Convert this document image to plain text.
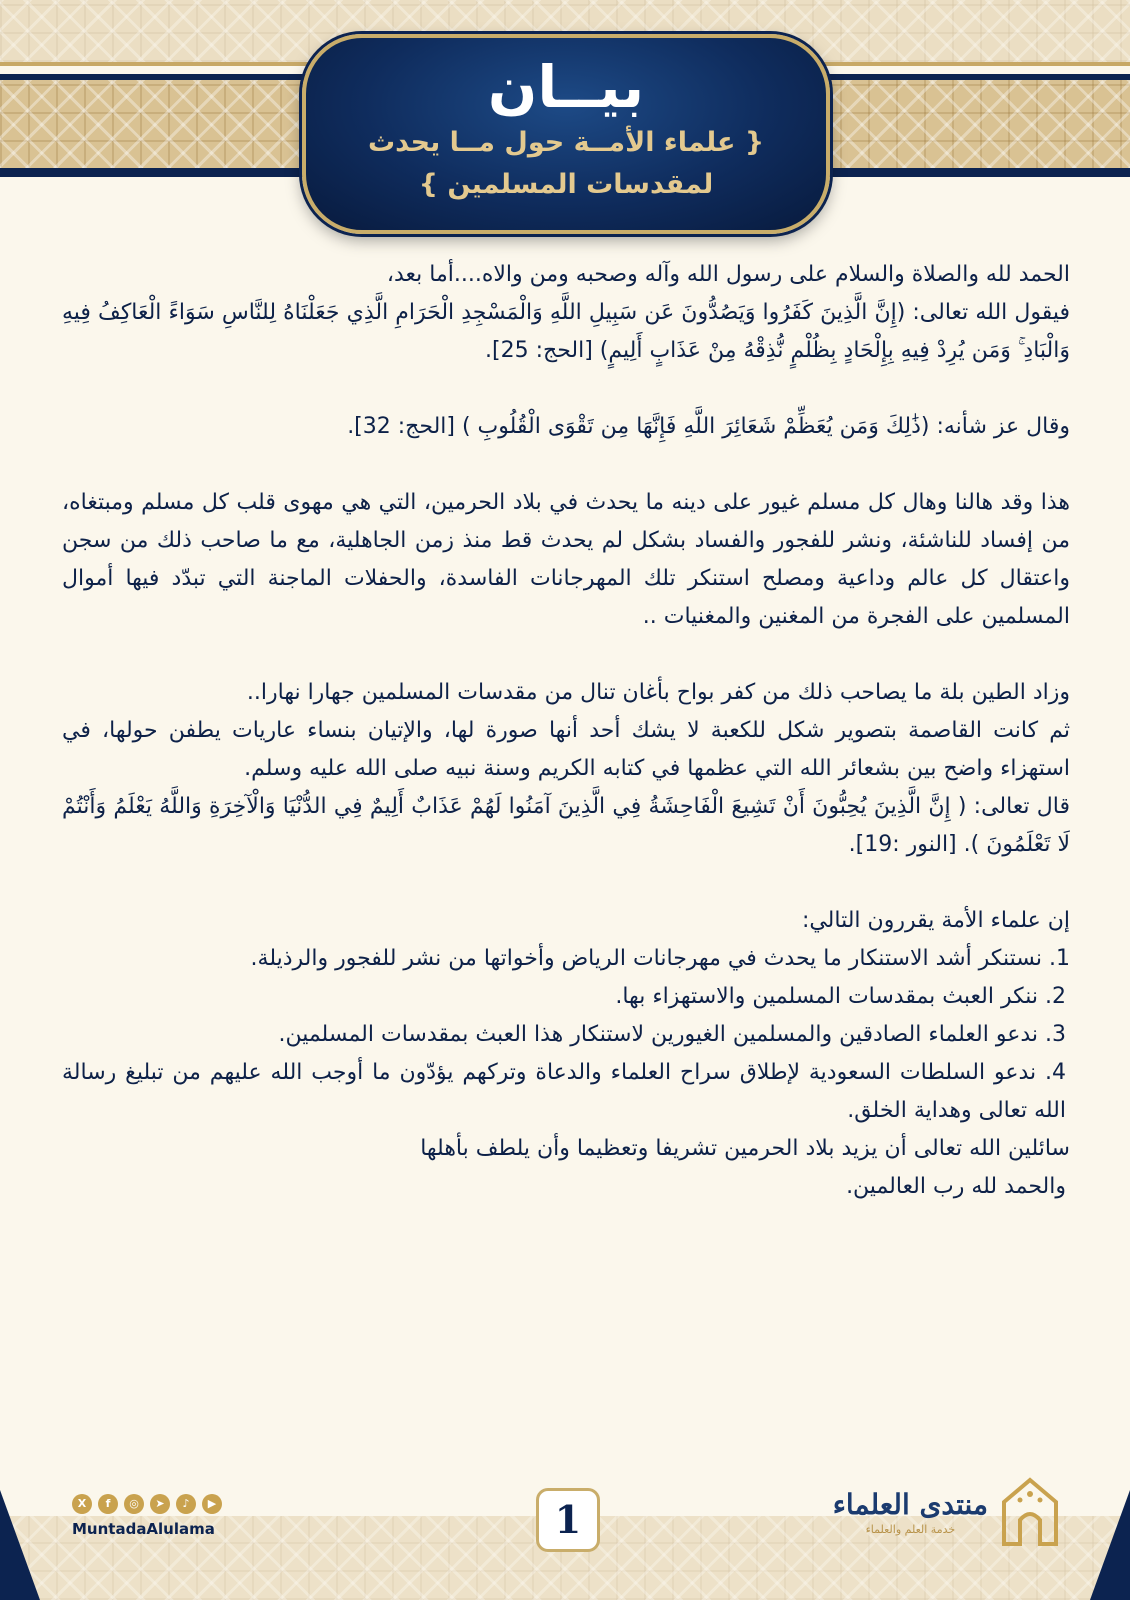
بيــان
{ علماء الأمــة حول مــا يحدث
لمقدسات المسلمين }

الحمد لله والصلاة والسلام على رسول الله وآله وصحبه ومن والاه....أما بعد،

فيقول الله تعالى: (إِنَّ الَّذِينَ كَفَرُوا وَيَصُدُّونَ عَن سَبِيلِ اللَّهِ وَالْمَسْجِدِ الْحَرَامِ الَّذِي جَعَلْنَاهُ لِلنَّاسِ سَوَاءً الْعَاكِفُ فِيهِ وَالْبَادِ ۚ وَمَن يُرِدْ فِيهِ بِإِلْحَادٍ بِظُلْمٍ نُّذِقْهُ مِنْ عَذَابٍ أَلِيمٍ) [الحج: 25].

وقال عز شأنه: (ذَٰلِكَ وَمَن يُعَظِّمْ شَعَائِرَ اللَّهِ فَإِنَّهَا مِن تَقْوَى الْقُلُوبِ ) [الحج: 32].

هذا وقد هالنا وهال كل مسلم غيور على دينه ما يحدث في بلاد الحرمين، التي هي مهوى قلب كل مسلم ومبتغاه، من إفساد للناشئة، ونشر للفجور والفساد بشكل لم يحدث قط منذ زمن الجاهلية، مع ما صاحب ذلك من سجن واعتقال كل عالم وداعية ومصلح استنكر تلك المهرجانات الفاسدة، والحفلات الماجنة التي تبدّد فيها أموال المسلمين على الفجرة من المغنين والمغنيات ..

وزاد الطين بلة ما يصاحب ذلك من كفر بواح بأغان تنال من مقدسات المسلمين جهارا نهارا..

ثم كانت القاصمة بتصوير شكل للكعبة لا يشك أحد أنها صورة لها، والإتيان بنساء عاريات يطفن حولها، في استهزاء واضح بين بشعائر الله التي عظمها في كتابه الكريم وسنة نبيه صلى الله عليه وسلم.

قال تعالى: ( إِنَّ الَّذِينَ يُحِبُّونَ أَنْ تَشِيعَ الْفَاحِشَةُ فِي الَّذِينَ آمَنُوا لَهُمْ عَذَابٌ أَلِيمٌ فِي الدُّنْيَا وَالْآخِرَةِ وَاللَّهُ يَعْلَمُ وَأَنْتُمْ لَا تَعْلَمُونَ ). [النور :19].

إن علماء الأمة يقررون التالي:

1. نستنكر أشد الاستنكار ما يحدث في مهرجانات الرياض وأخواتها من نشر للفجور والرذيلة.

2. ننكر العبث بمقدسات المسلمين والاستهزاء بها.

3. ندعو العلماء الصادقين والمسلمين الغيورين لاستنكار هذا العبث بمقدسات المسلمين.

4. ندعو السلطات السعودية لإطلاق سراح العلماء والدعاة وتركهم يؤدّون ما أوجب الله عليهم من تبليغ رسالة الله تعالى وهداية الخلق.

سائلين الله تعالى أن يزيد بلاد الحرمين تشريفا وتعظيما وأن يلطف بأهلها

والحمد لله رب العالمين.

X	f	◎	➤	♪	▶
MuntadaAlulama	1	منتدى العلماء
خدمة العلم والعلماء
